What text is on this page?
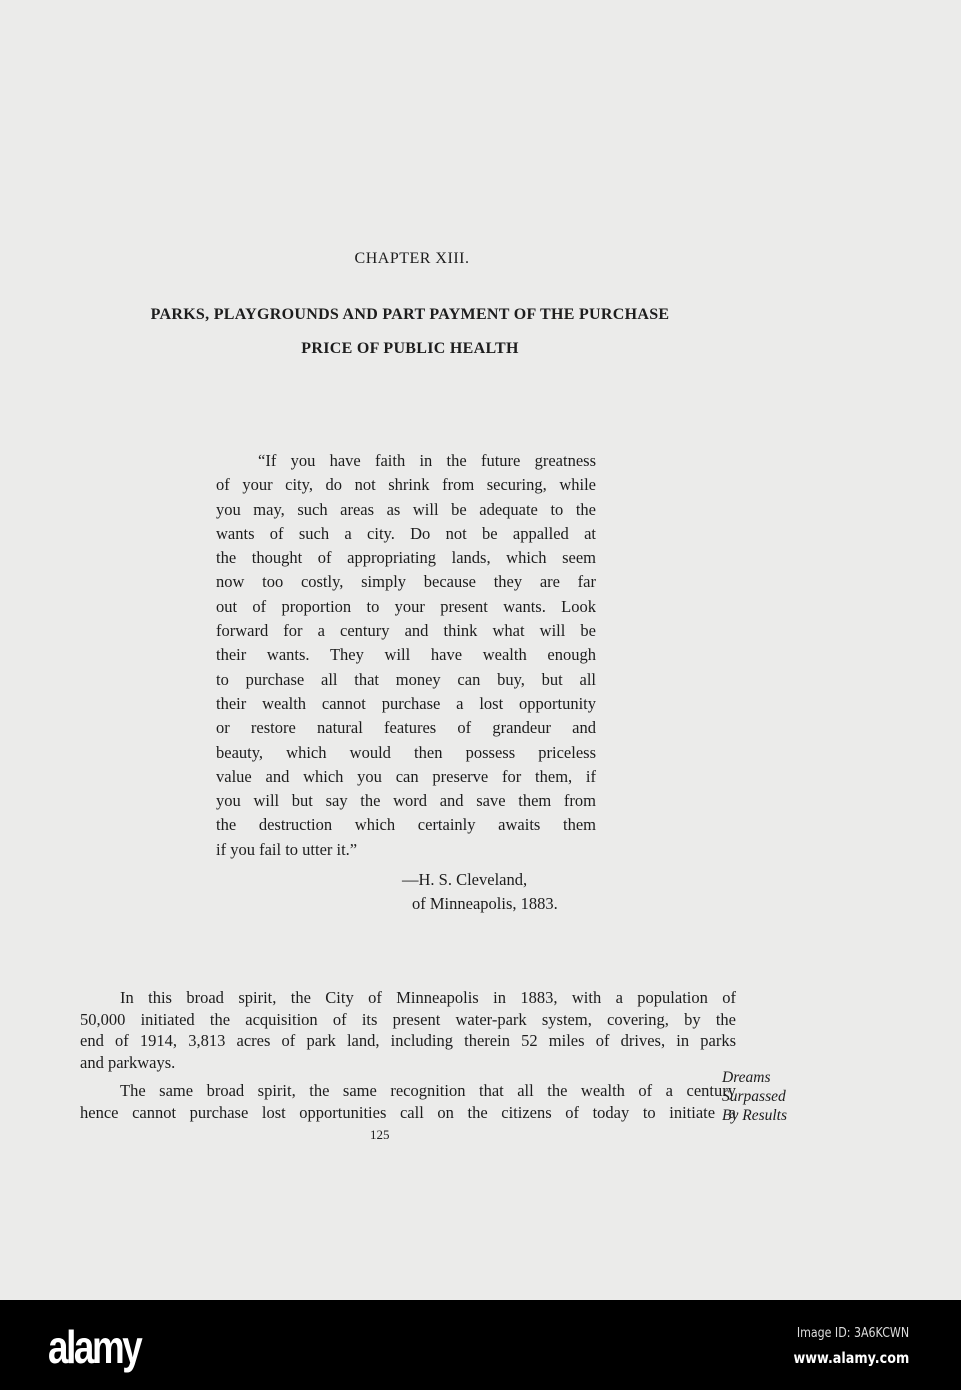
CHAPTER XIII.
PARKS, PLAYGROUNDS AND PART PAYMENT OF THE PURCHASE
PRICE OF PUBLIC HEALTH
“If you have faith in the future greatness
of your city, do not shrink from securing, while
you may, such areas as will be adequate to the
wants of such a city. Do not be appalled at
the thought of appropriating lands, which seem
now too costly, simply because they are far
out of proportion to your present wants. Look
forward for a century and think what will be
their wants. They will have wealth enough
to purchase all that money can buy, but all
their wealth cannot purchase a lost opportunity
or restore natural features of grandeur and
beauty, which would then possess priceless
value and which you can preserve for them, if
you will but say the word and save them from
the destruction which certainly awaits them
if you fail to utter it.”
—H. S. Cleveland,
of Minneapolis, 1883.
In this broad spirit, the City of Minneapolis in 1883, with a population of
50,000 initiated the acquisition of its present water-park system, covering, by the
end of 1914, 3,813 acres of park land, including therein 52 miles of drives, in parks
and parkways.
The same broad spirit, the same recognition that all the wealth of a century
hence cannot purchase lost opportunities call on the citizens of today to initiate a
Dreams
Surpassed
By Results
125
alamy	Image ID: 3A6KCWN
www.alamy.com
